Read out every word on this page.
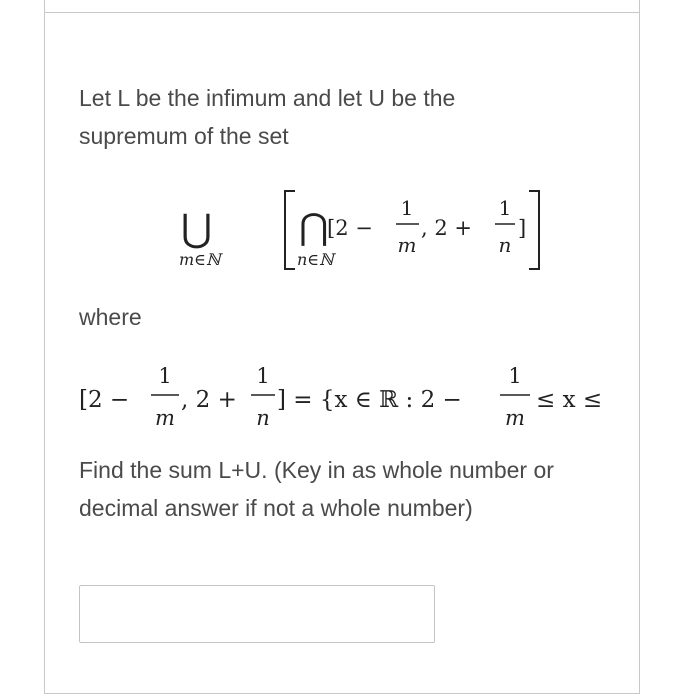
Let L be the infimum and let U be the

supremum of the set

⋃
m∈ℕ
⋂
n∈ℕ
[2 −
1
m
, 2 +
1
n
]

where

[2 −
1
m
, 2 +
1
n
] = {x ∈ ℝ : 2 −
1
m
≤ x ≤

Find the sum L+U. (Key in as whole number or

decimal answer if not a whole number)
